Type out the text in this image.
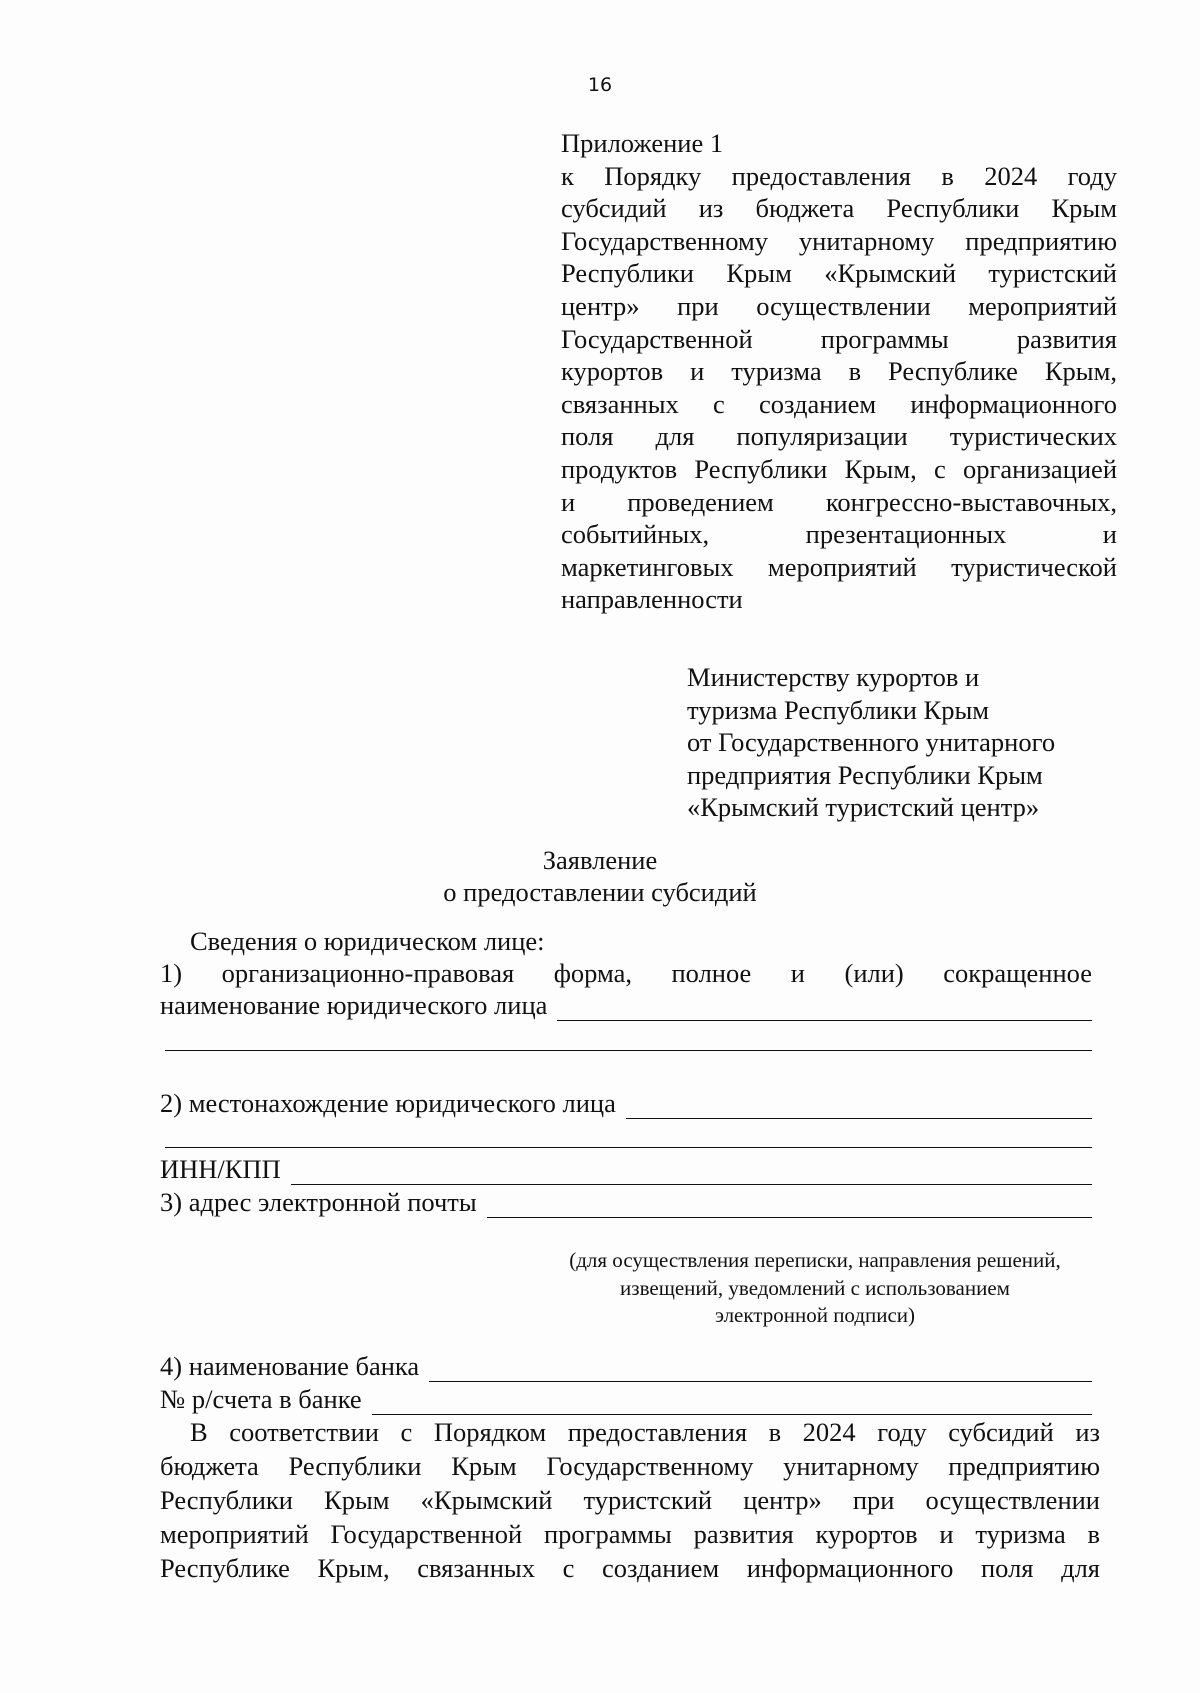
16
Приложение 1
к Порядку предоставления в 2024 году
субсидий из бюджета Республики Крым
Государственному унитарному предприятию
Республики Крым «Крымский туристский
центр» при осуществлении мероприятий
Государственной программы развития
курортов и туризма в Республике Крым,
связанных с созданием информационного
поля для популяризации туристических
продуктов Республики Крым, с организацией
и проведением конгрессно-выставочных,
событийных, презентационных и
маркетинговых мероприятий туристической
направленности
Министерству курортов и
туризма Республики Крым
от Государственного унитарного
предприятия Республики Крым
«Крымский туристский центр»
Заявление
о предоставлении субсидий
Сведения о юридическом лице:
1) организационно-правовая форма, полное и (или) сокращенное
наименование юридического лица
2) местонахождение юридического лица
ИНН/КПП
3) адрес электронной почты
(для осуществления переписки, направления решений,
извещений, уведомлений с использованием
электронной подписи)
4) наименование банка
№ р/счета в банке
В соответствии с Порядком предоставления в 2024 году субсидий из
бюджета Республики Крым Государственному унитарному предприятию
Республики Крым «Крымский туристский центр» при осуществлении
мероприятий Государственной программы развития курортов и туризма в
Республике Крым, связанных с созданием информационного поля для
